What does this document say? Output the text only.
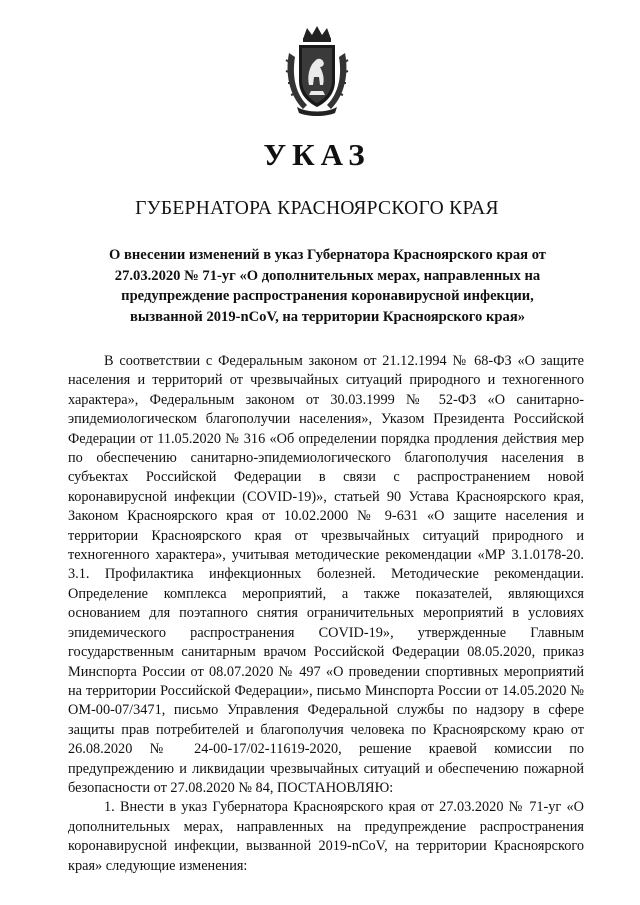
УКАЗ
ГУБЕРНАТОРА КРАСНОЯРСКОГО КРАЯ
О внесении изменений в указ Губернатора Красноярского края от 27.03.2020 № 71-уг «О дополнительных мерах, направленных на предупреждение распространения коронавирусной инфекции, вызванной 2019-nCoV, на территории Красноярского края»

В соответствии с Федеральным законом от 21.12.1994 № 68-ФЗ «О защите населения и территорий от чрезвычайных ситуаций природного и техногенного характера», Федеральным законом от 30.03.1999 № 52-ФЗ «О санитарно-эпидемиологическом благополучии населения», Указом Президента Российской Федерации от 11.05.2020 № 316 «Об определении порядка продления действия мер по обеспечению санитарно-эпидемиологического благополучия населения в субъектах Российской Федерации в связи с распространением новой коронавирусной инфекции (COVID-19)», статьей 90 Устава Красноярского края, Законом Красноярского края от 10.02.2000 № 9-631 «О защите населения и территории Красноярского края от чрезвычайных ситуаций природного и техногенного характера», учитывая методические рекомендации «МР 3.1.0178-20. 3.1. Профилактика инфекционных болезней. Методические рекомендации. Определение комплекса мероприятий, а также показателей, являющихся основанием для поэтапного снятия ограничительных мероприятий в условиях эпидемического распространения COVID-19», утвержденные Главным государственным санитарным врачом Российской Федерации 08.05.2020, приказ Минспорта России от 08.07.2020 № 497 «О проведении спортивных мероприятий на территории Российской Федерации», письмо Минспорта России от 14.05.2020 № ОМ-00-07/3471, письмо Управления Федеральной службы по надзору в сфере защиты прав потребителей и благополучия человека по Красноярскому краю от 26.08.2020 № 24-00-17/02-11619-2020, решение краевой комиссии по предупреждению и ликвидации чрезвычайных ситуаций и обеспечению пожарной безопасности от 27.08.2020 № 84, ПОСТАНОВЛЯЮ:

1. Внести в указ Губернатора Красноярского края от 27.03.2020 № 71-уг «О дополнительных мерах, направленных на предупреждение распространения коронавирусной инфекции, вызванной 2019-nCoV, на территории Красноярского края» следующие изменения:
